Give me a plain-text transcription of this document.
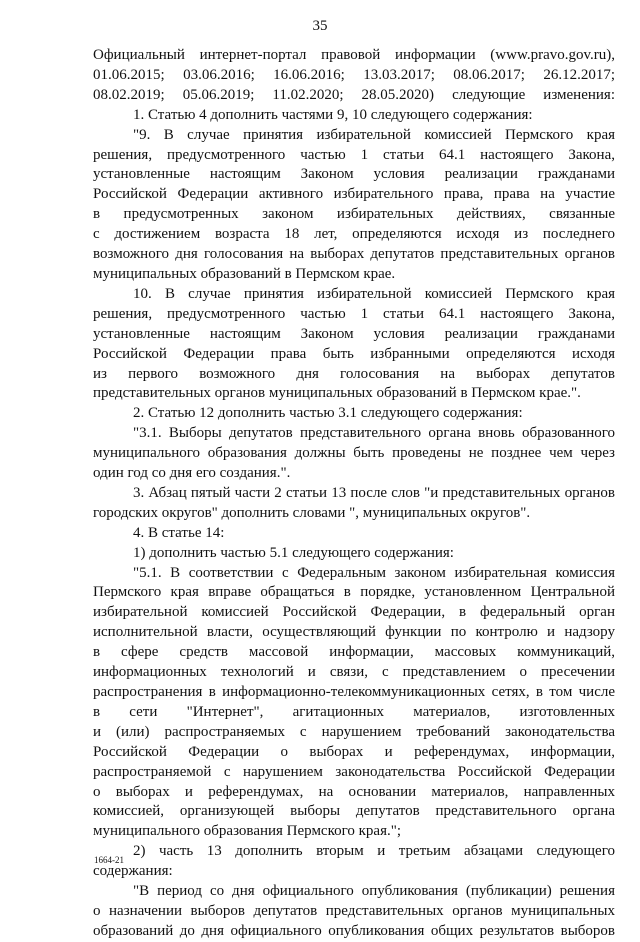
35

Официальный интернет-портал правовой информации (www.pravo.gov.ru),

01.06.2015; 03.06.2016; 16.06.2016; 13.03.2017; 08.06.2017; 26.12.2017;

08.02.2019; 05.06.2019; 11.02.2020; 28.05.2020) следующие изменения:

1. Статью 4 дополнить частями 9, 10 следующего содержания:

"9. В случае принятия избирательной комиссией Пермского края

решения, предусмотренного частью 1 статьи 64.1 настоящего Закона,

установленные настоящим Законом условия реализации гражданами

Российской Федерации активного избирательного права, права на участие

в предусмотренных законом избирательных действиях, связанные

с достижением возраста 18 лет, определяются исходя из последнего

возможного дня голосования на выборах депутатов представительных органов

муниципальных образований в Пермском крае.

10. В случае принятия избирательной комиссией Пермского края

решения, предусмотренного частью 1 статьи 64.1 настоящего Закона,

установленные настоящим Законом условия реализации гражданами

Российской Федерации права быть избранными определяются исходя

из первого возможного дня голосования на выборах депутатов

представительных органов муниципальных образований в Пермском крае.".

2. Статью 12 дополнить частью 3.1 следующего содержания:

"3.1. Выборы депутатов представительного органа вновь образованного

муниципального образования должны быть проведены не позднее чем через

один год со дня его создания.".

3. Абзац пятый части 2 статьи 13 после слов "и представительных органов

городских округов" дополнить словами ", муниципальных округов".

4. В статье 14:

1) дополнить частью 5.1 следующего содержания:

"5.1. В соответствии с Федеральным законом избирательная комиссия

Пермского края вправе обращаться в порядке, установленном Центральной

избирательной комиссией Российской Федерации, в федеральный орган

исполнительной власти, осуществляющий функции по контролю и надзору

в сфере средств массовой информации, массовых коммуникаций,

информационных технологий и связи, с представлением о пресечении

распространения в информационно-телекоммуникационных сетях, в том числе

в сети "Интернет", агитационных материалов, изготовленных

и (или) распространяемых с нарушением требований законодательства

Российской Федерации о выборах и референдумах, информации,

распространяемой с нарушением законодательства Российской Федерации

о выборах и референдумах, на основании материалов, направленных

комиссией, организующей выборы депутатов представительного органа

муниципального образования Пермского края.";

2) часть 13 дополнить вторым и третьим абзацами следующего

содержания:

"В период со дня официального опубликования (публикации) решения

о назначении выборов депутатов представительных органов муниципальных

образований до дня официального опубликования общих результатов выборов

1664-21
